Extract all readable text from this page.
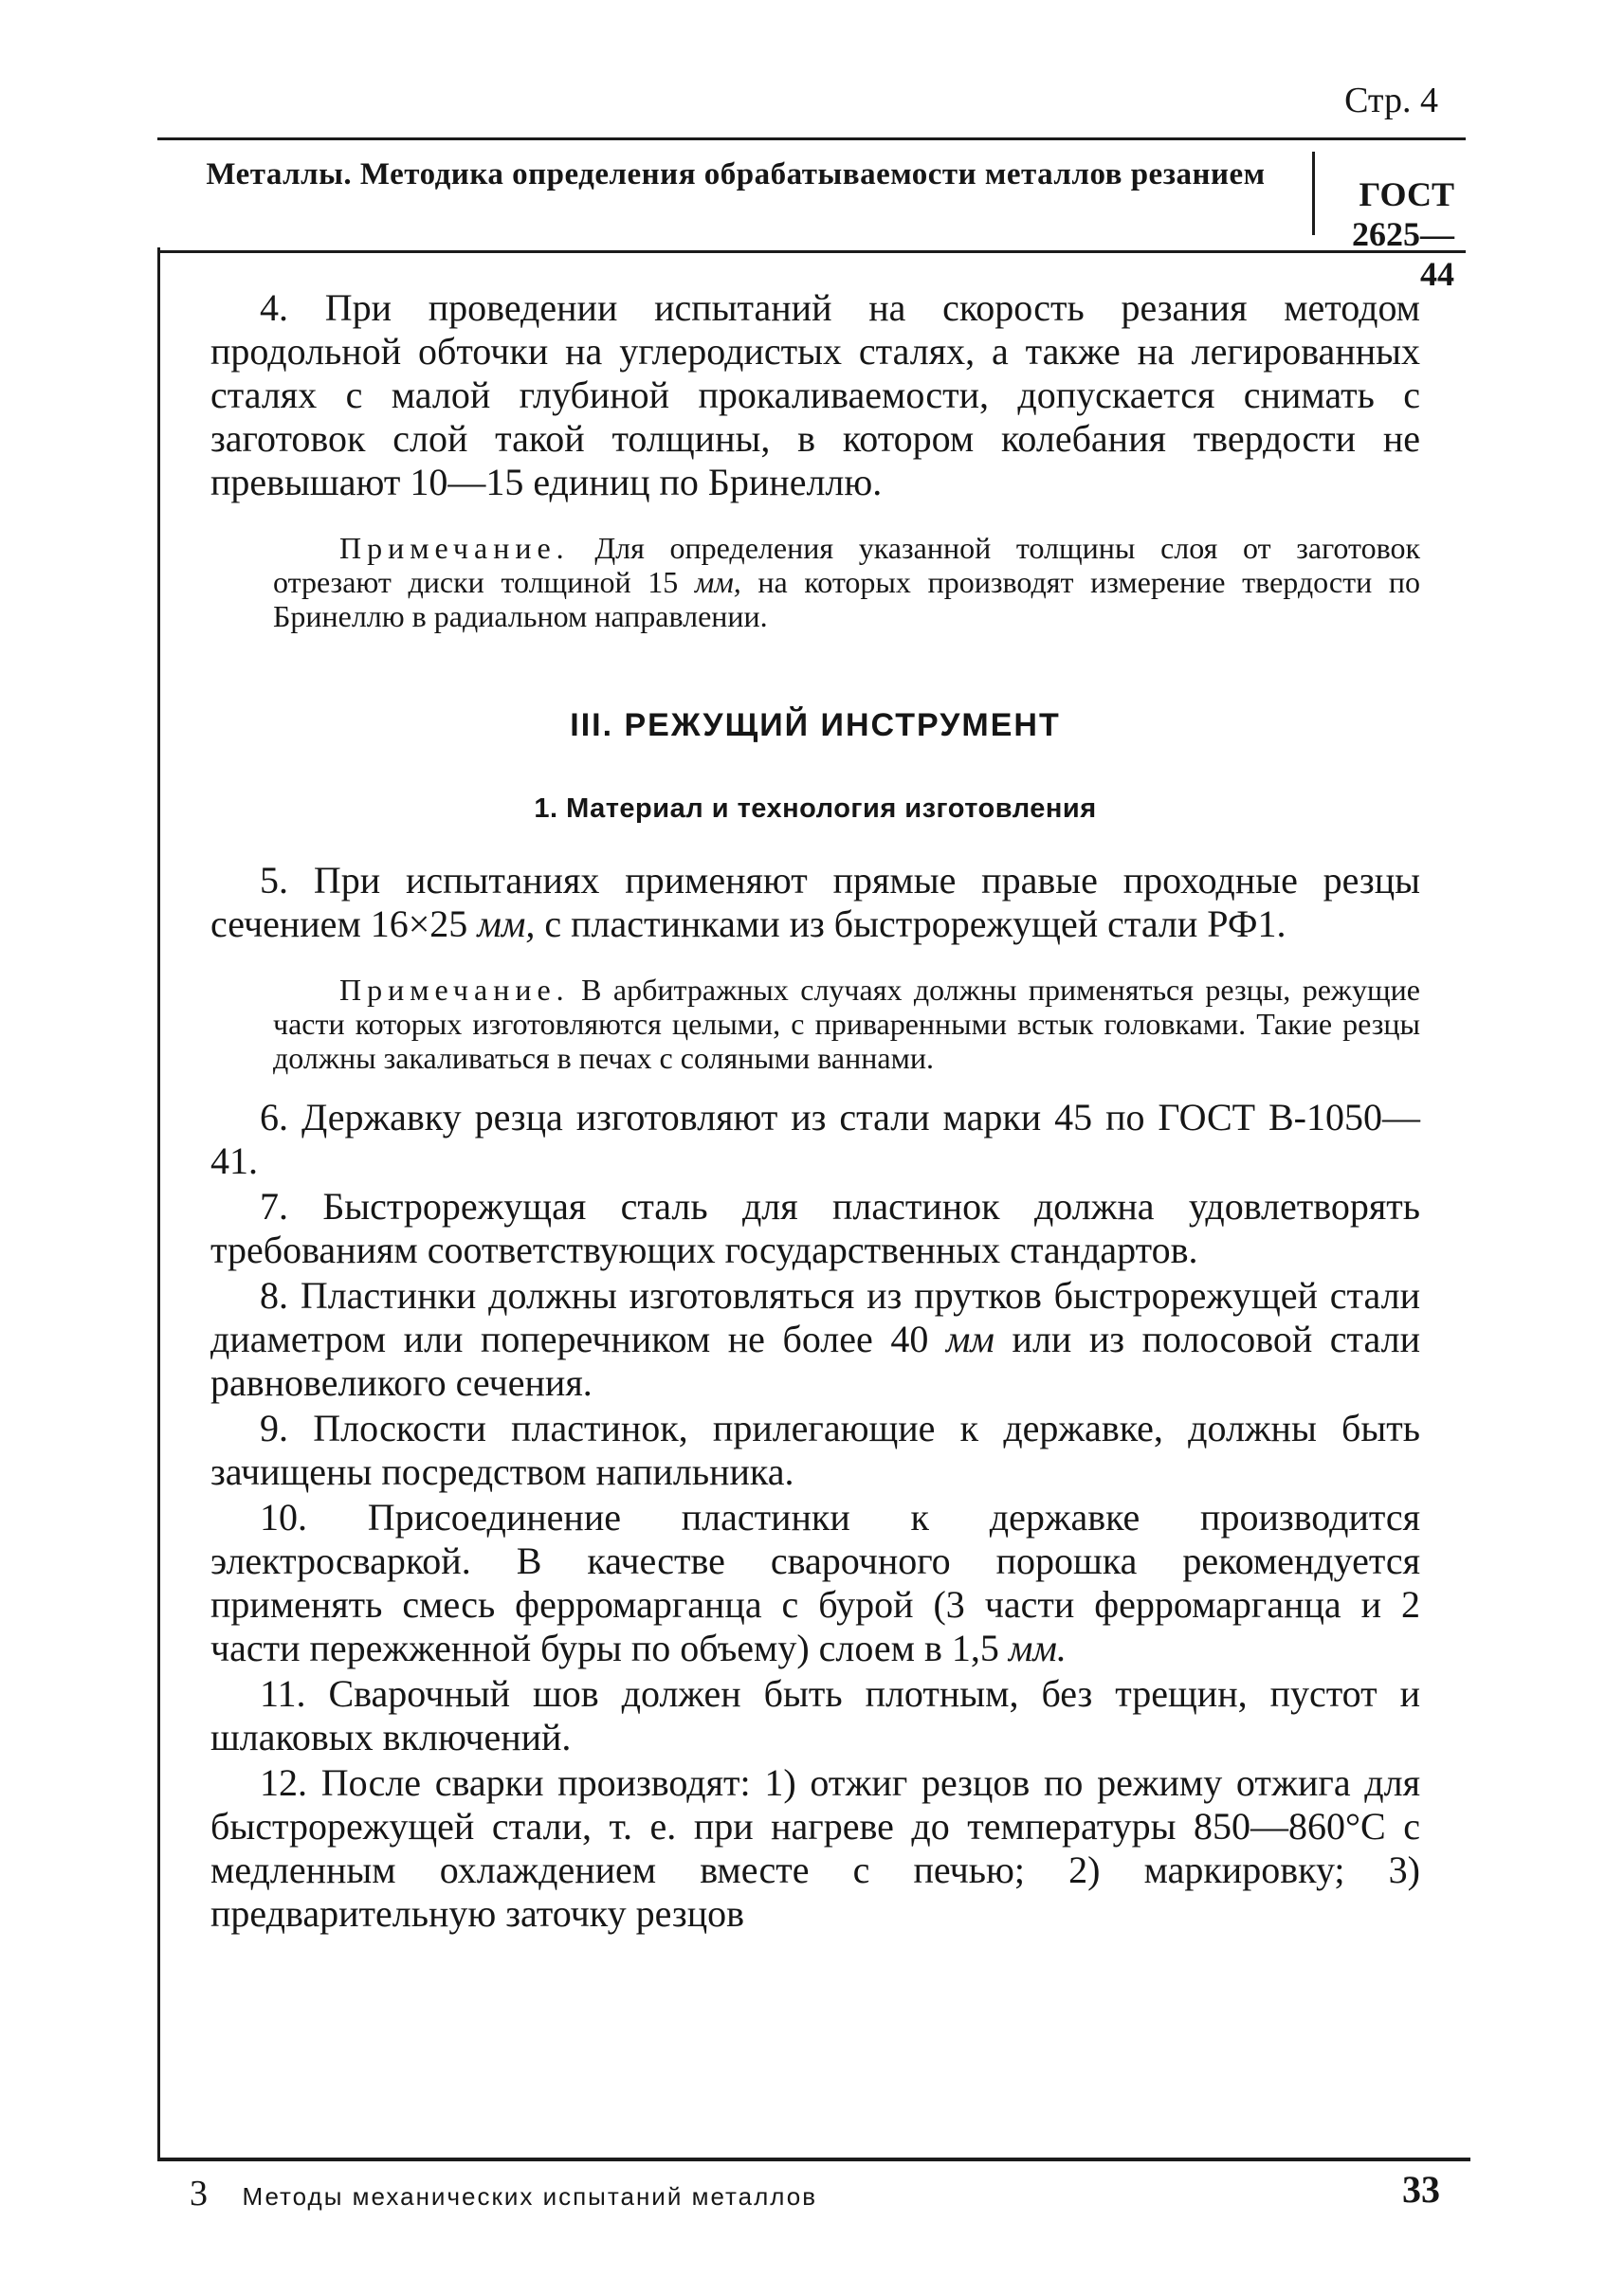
Стр. 4
Металлы. Методика определения обрабатываемости металлов резанием
ГОСТ 2625—44

4. При проведении испытаний на скорость резания методом продольной обточки на углеродистых сталях, а также на легированных сталях с малой глубиной прокаливаемости, допускается снимать с заготовок слой такой толщины, в котором колебания твердости не превышают 10—15 единиц по Бринеллю.

Примечание. Для определения указанной толщины слоя от заготовок отрезают диски толщиной 15 мм, на которых производят измерение твердости по Бринеллю в радиальном направлении.

III. РЕЖУЩИЙ ИНСТРУМЕНТ
1. Материал и технология изготовления

5. При испытаниях применяют прямые правые проходные резцы сечением 16×25 мм, с пластинками из быстрорежущей стали РФ1.

Примечание. В арбитражных случаях должны применяться резцы, режущие части которых изготовляются целыми, с приваренными встык головками. Такие резцы должны закаливаться в печах с соляными ваннами.

6. Державку резца изготовляют из стали марки 45 по ГОСТ В-1050—41.

7. Быстрорежущая сталь для пластинок должна удовлетворять требованиям соответствующих государственных стандартов.

8. Пластинки должны изготовляться из прутков быстрорежущей стали диаметром или поперечником не более 40 мм или из полосовой стали равновеликого сечения.

9. Плоскости пластинок, прилегающие к державке, должны быть зачищены посредством напильника.

10. Присоединение пластинки к державке производится электросваркой. В качестве сварочного порошка рекомендуется применять смесь ферромарганца с бурой (3 части ферромарганца и 2 части пережженной буры по объему) слоем в 1,5 мм.

11. Сварочный шов должен быть плотным, без трещин, пустот и шлаковых включений.

12. После сварки производят: 1) отжиг резцов по режиму отжига для быстрорежущей стали, т. е. при нагреве до температуры 850—860°С с медленным охлаждением вместе с печью; 2) маркировку; 3) предварительную заточку резцов

3 Методы механических испытаний металлов	33
